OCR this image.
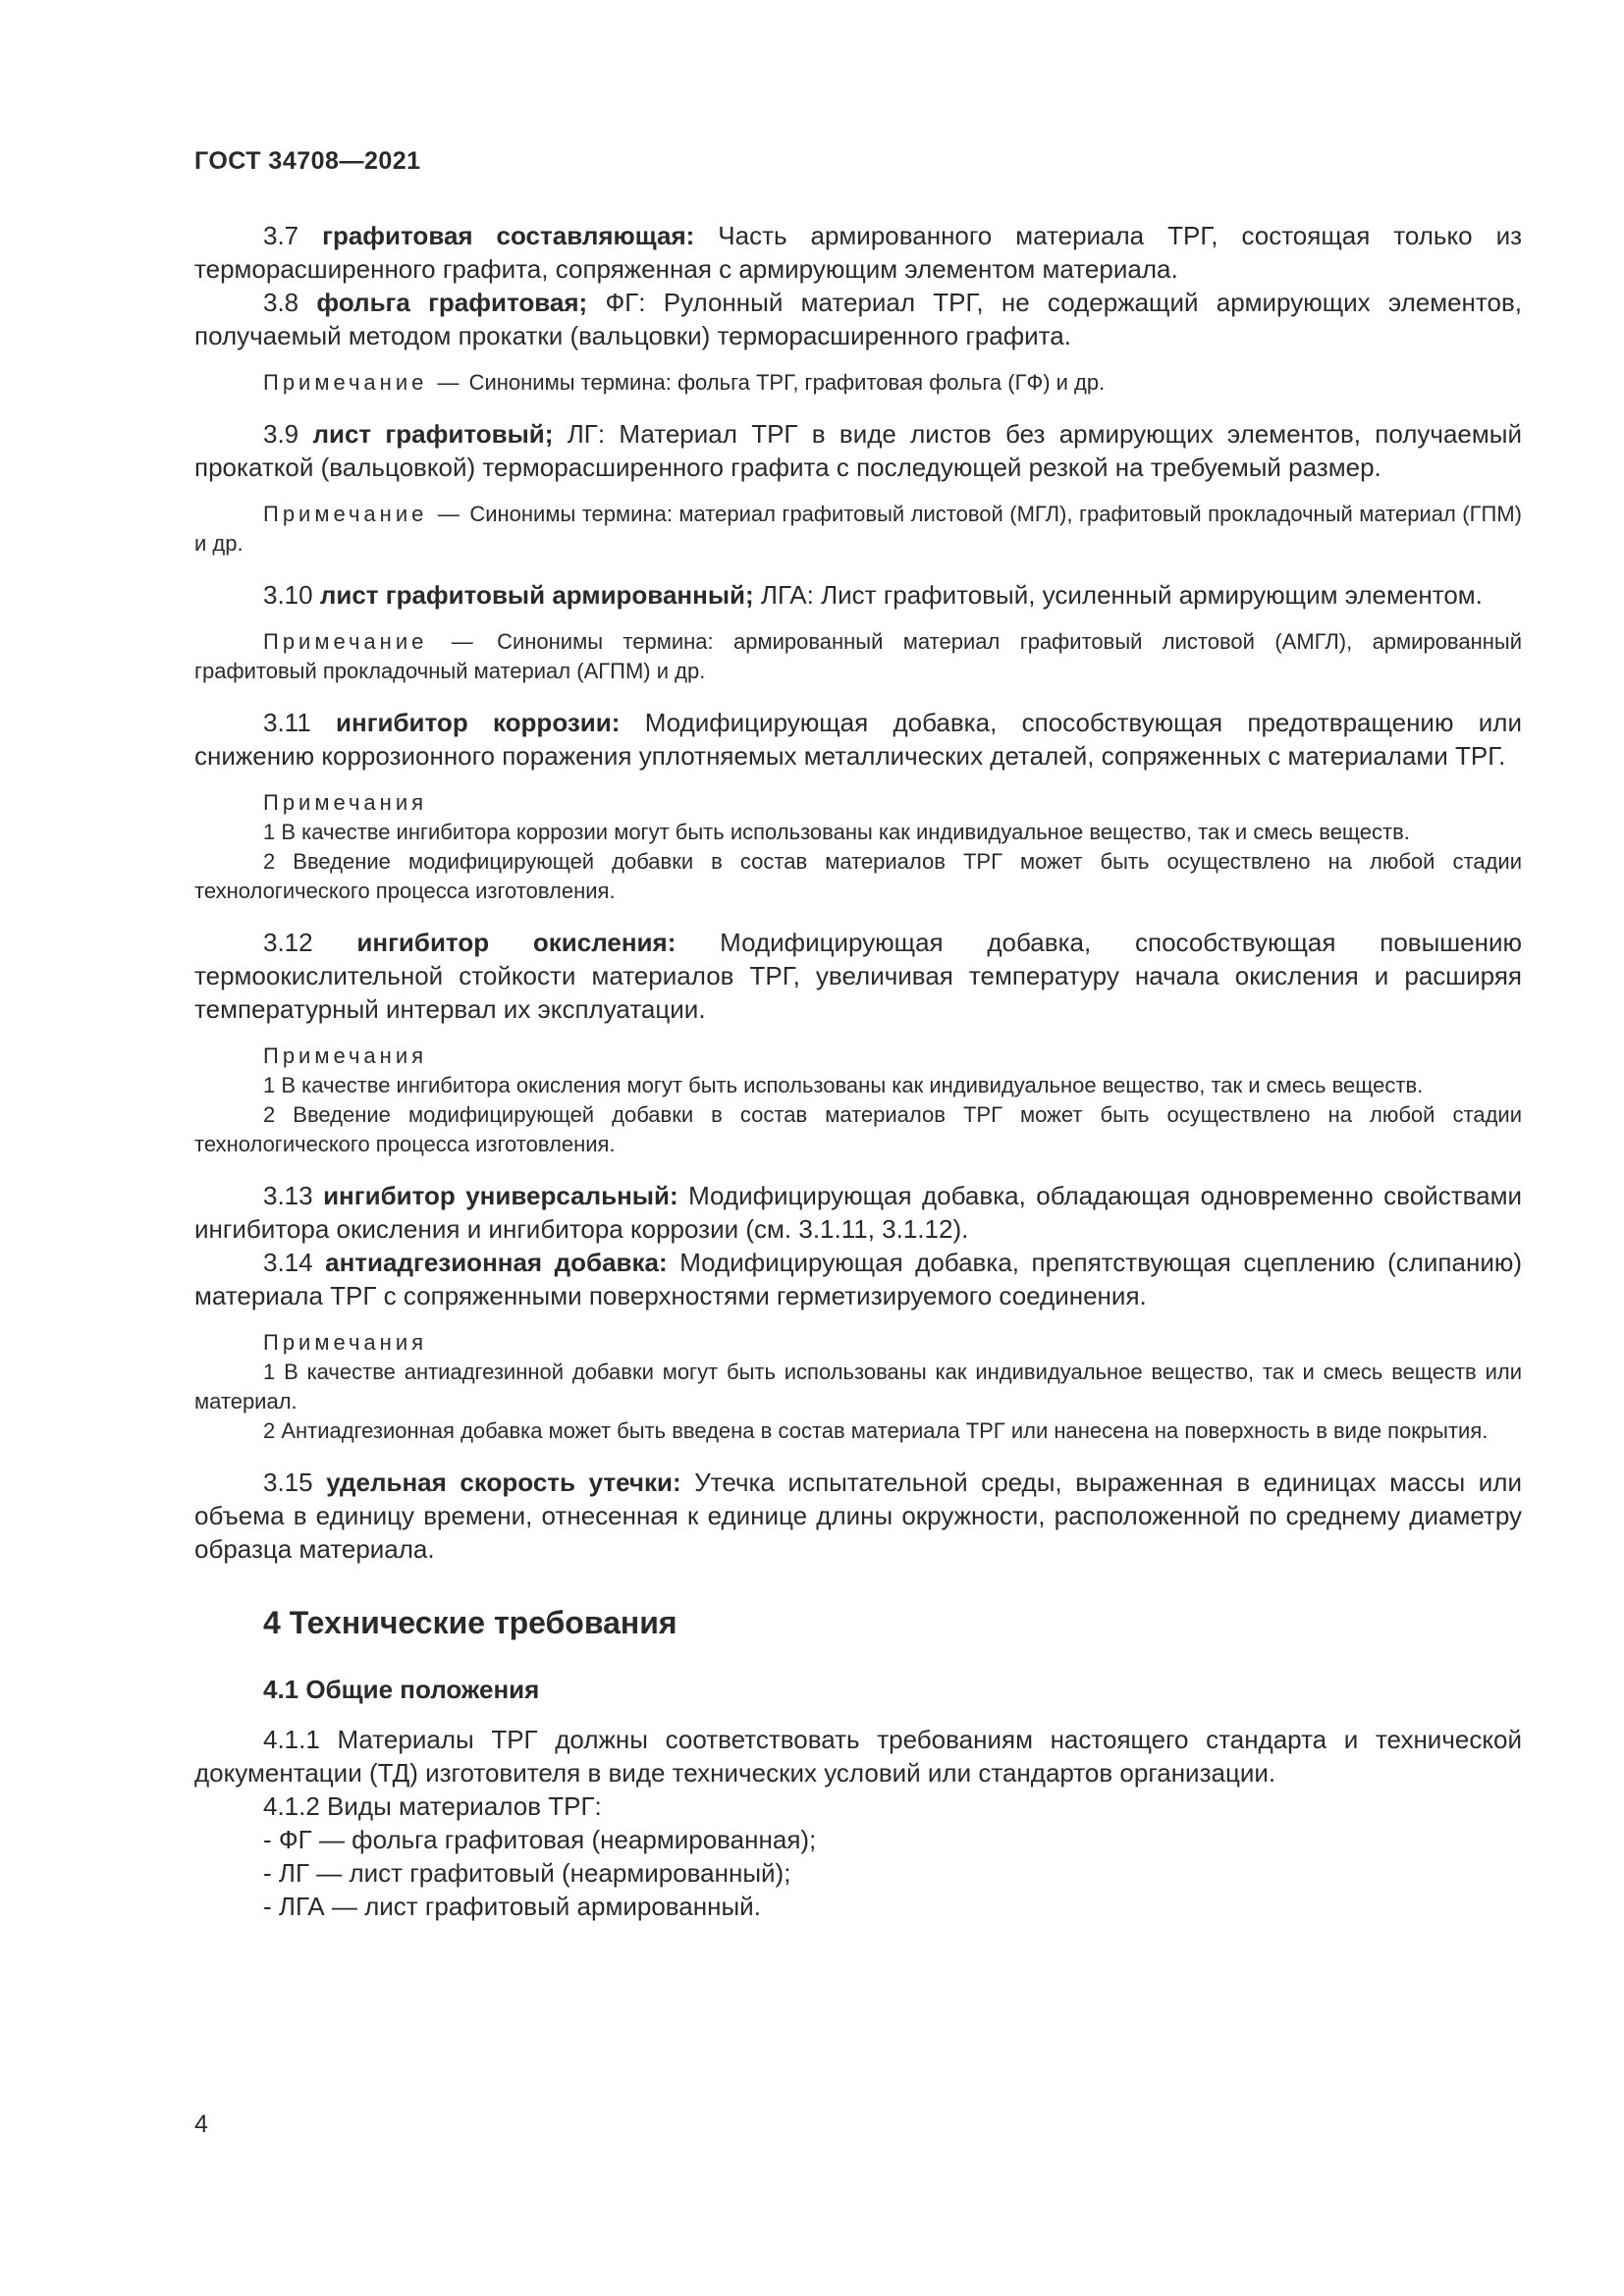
ГОСТ 34708—2021

3.7 графитовая составляющая: Часть армированного материала ТРГ, состоящая только из терморасширенного графита, сопряженная с армирующим элементом материала.

3.8 фольга графитовая; ФГ: Рулонный материал ТРГ, не содержащий армирующих элементов, получаемый методом прокатки (вальцовки) терморасширенного графита.

Примечание — Синонимы термина: фольга ТРГ, графитовая фольга (ГФ) и др.

3.9 лист графитовый; ЛГ: Материал ТРГ в виде листов без армирующих элементов, получаемый прокаткой (вальцовкой) терморасширенного графита с последующей резкой на требуемый размер.

Примечание — Синонимы термина: материал графитовый листовой (МГЛ), графитовый прокладочный материал (ГПМ) и др.

3.10 лист графитовый армированный; ЛГА: Лист графитовый, усиленный армирующим элементом.

Примечание — Синонимы термина: армированный материал графитовый листовой (АМГЛ), армированный графитовый прокладочный материал (АГПМ) и др.

3.11 ингибитор коррозии: Модифицирующая добавка, способствующая предотвращению или снижению коррозионного поражения уплотняемых металлических деталей, сопряженных с материалами ТРГ.

Примечания

1 В качестве ингибитора коррозии могут быть использованы как индивидуальное вещество, так и смесь веществ.

2 Введение модифицирующей добавки в состав материалов ТРГ может быть осуществлено на любой стадии технологического процесса изготовления.

3.12 ингибитор окисления: Модифицирующая добавка, способствующая повышению термоокислительной стойкости материалов ТРГ, увеличивая температуру начала окисления и расширяя температурный интервал их эксплуатации.

Примечания

1 В качестве ингибитора окисления могут быть использованы как индивидуальное вещество, так и смесь веществ.

2 Введение модифицирующей добавки в состав материалов ТРГ может быть осуществлено на любой стадии технологического процесса изготовления.

3.13 ингибитор универсальный: Модифицирующая добавка, обладающая одновременно свойствами ингибитора окисления и ингибитора коррозии (см. 3.1.11, 3.1.12).

3.14 антиадгезионная добавка: Модифицирующая добавка, препятствующая сцеплению (слипанию) материала ТРГ с сопряженными поверхностями герметизируемого соединения.

Примечания

1 В качестве антиадгезинной добавки могут быть использованы как индивидуальное вещество, так и смесь веществ или материал.

2 Антиадгезионная добавка может быть введена в состав материала ТРГ или нанесена на поверхность в виде покрытия.

3.15 удельная скорость утечки: Утечка испытательной среды, выраженная в единицах массы или объема в единицу времени, отнесенная к единице длины окружности, расположенной по среднему диаметру образца материала.

4 Технические требования
4.1 Общие положения

4.1.1 Материалы ТРГ должны соответствовать требованиям настоящего стандарта и технической документации (ТД) изготовителя в виде технических условий или стандартов организации.

4.1.2 Виды материалов ТРГ:

- ФГ — фольга графитовая (неармированная);

- ЛГ — лист графитовый (неармированный);

- ЛГА — лист графитовый армированный.

4
